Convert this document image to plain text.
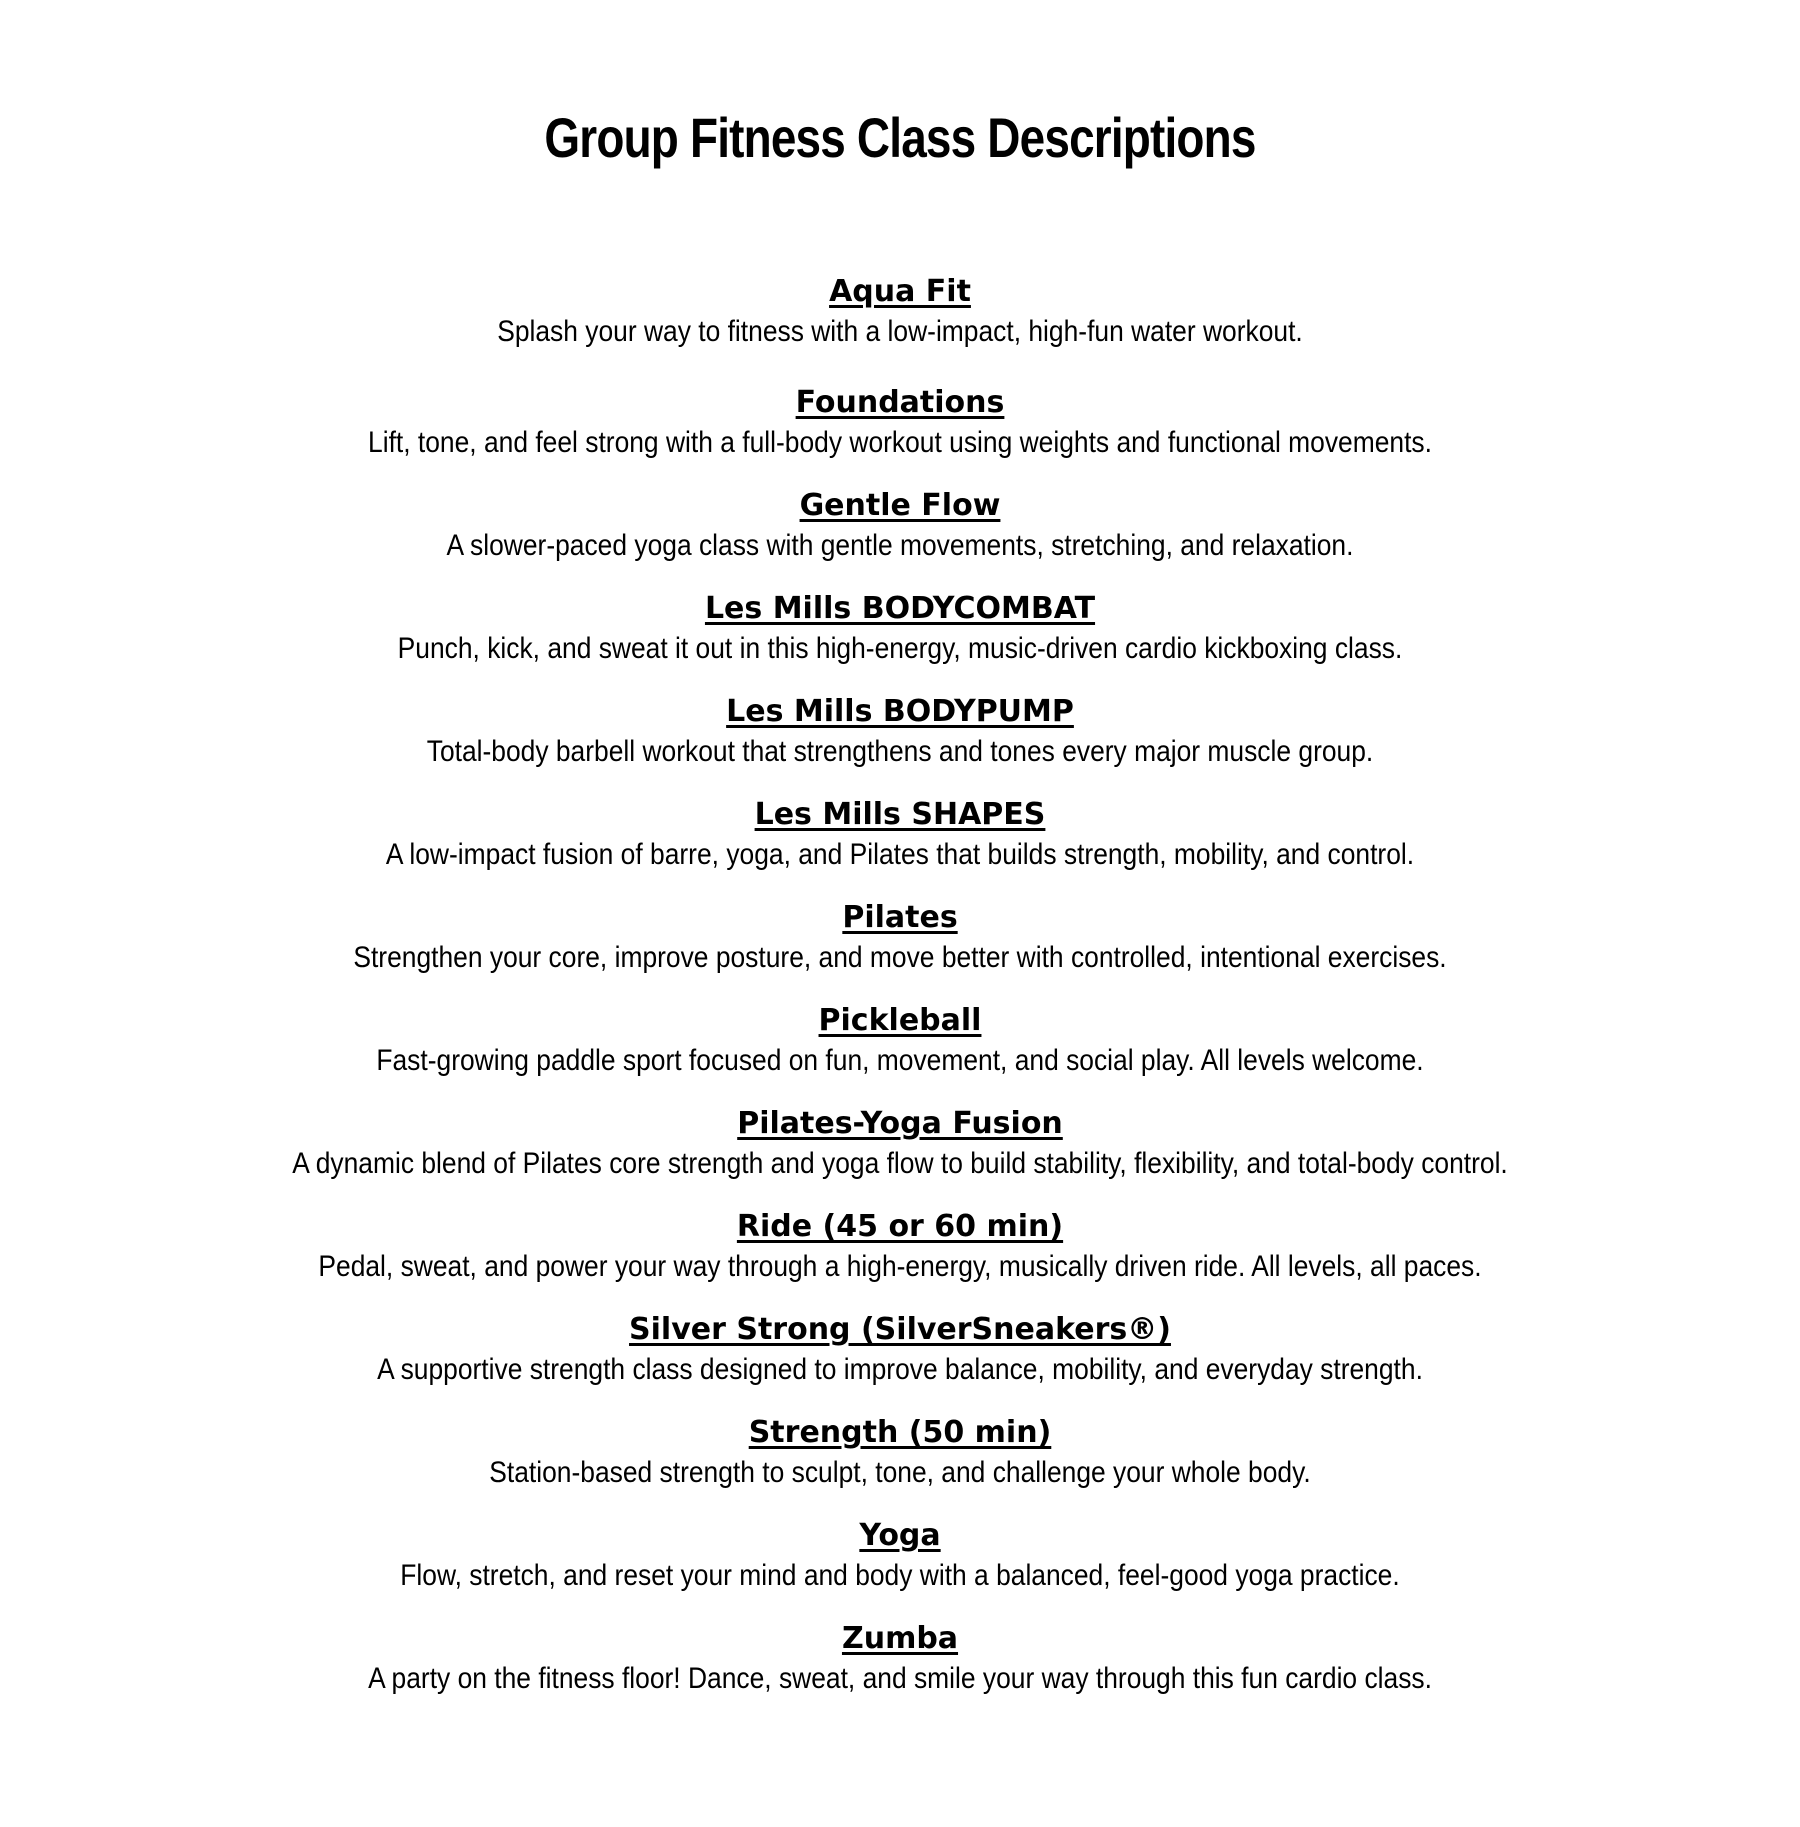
Group Fitness Class Descriptions
Aqua Fit
Splash your way to fitness with a low-impact, high-fun water workout.
Foundations
Lift, tone, and feel strong with a full-body workout using weights and functional movements.
Gentle Flow
A slower-paced yoga class with gentle movements, stretching, and relaxation.
Les Mills BODYCOMBAT
Punch, kick, and sweat it out in this high-energy, music-driven cardio kickboxing class.
Les Mills BODYPUMP
Total-body barbell workout that strengthens and tones every major muscle group.
Les Mills SHAPES
A low-impact fusion of barre, yoga, and Pilates that builds strength, mobility, and control.
Pilates
Strengthen your core, improve posture, and move better with controlled, intentional exercises.
Pickleball
Fast-growing paddle sport focused on fun, movement, and social play. All levels welcome.
Pilates-Yoga Fusion
A dynamic blend of Pilates core strength and yoga flow to build stability, flexibility, and total-body control.
Ride (45 or 60 min)
Pedal, sweat, and power your way through a high-energy, musically driven ride. All levels, all paces.
Silver Strong (SilverSneakers®)
A supportive strength class designed to improve balance, mobility, and everyday strength.
Strength (50 min)
Station-based strength to sculpt, tone, and challenge your whole body.
Yoga
Flow, stretch, and reset your mind and body with a balanced, feel-good yoga practice.
Zumba
A party on the fitness floor! Dance, sweat, and smile your way through this fun cardio class.
